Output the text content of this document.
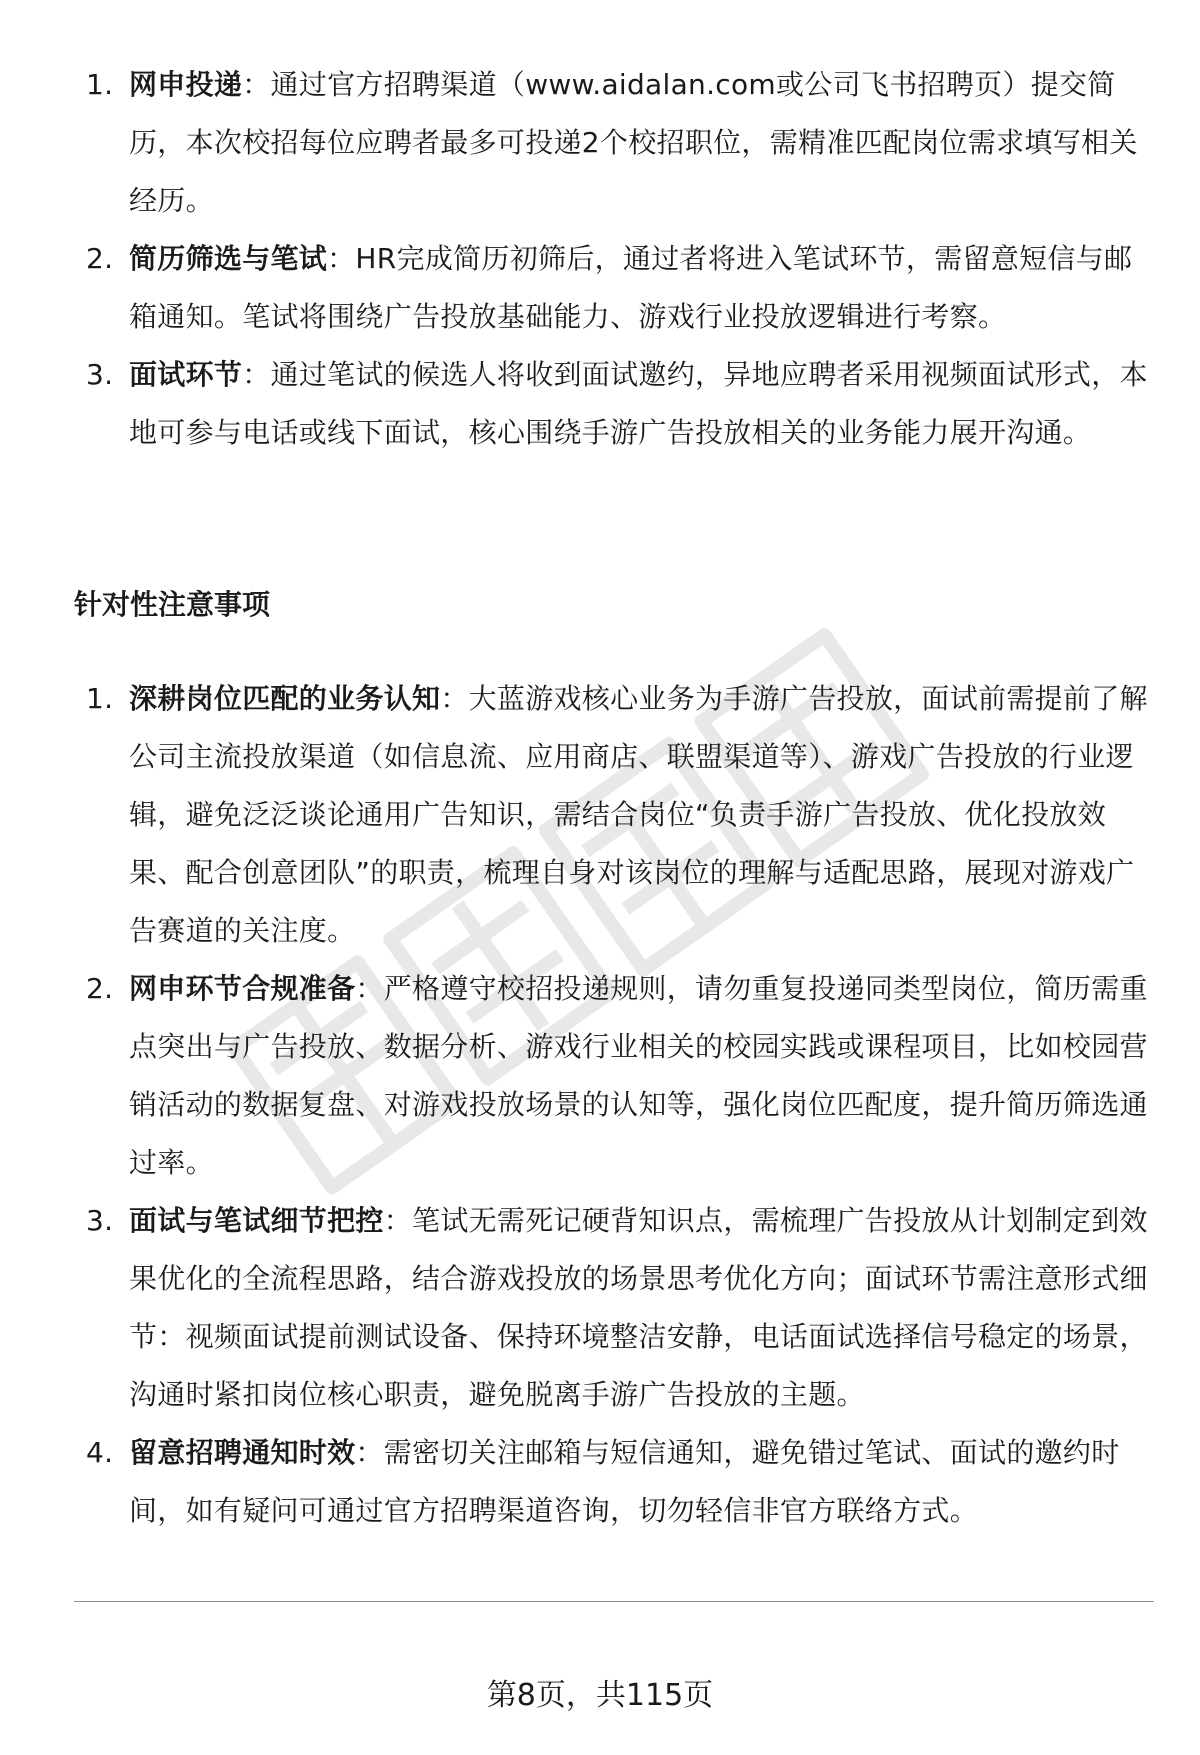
1. 网申投递：通过官方招聘渠道（www.aidalan.com或公司飞书招聘页）提交简历，本次校招每位应聘者最多可投递2个校招职位，需精准匹配岗位需求填写相关经历。
2. 简历筛选与笔试：HR完成简历初筛后，通过者将进入笔试环节，需留意短信与邮箱通知。笔试将围绕广告投放基础能力、游戏行业投放逻辑进行考察。
3. 面试环节：通过笔试的候选人将收到面试邀约，异地应聘者采用视频面试形式，本地可参与电话或线下面试，核心围绕手游广告投放相关的业务能力展开沟通。
针对性注意事项
1. 深耕岗位匹配的业务认知：大蓝游戏核心业务为手游广告投放，面试前需提前了解公司主流投放渠道（如信息流、应用商店、联盟渠道等）、游戏广告投放的行业逻辑，避免泛泛谈论通用广告知识，需结合岗位“负责手游广告投放、优化投放效果、配合创意团队”的职责，梳理自身对该岗位的理解与适配思路，展现对游戏广告赛道的关注度。
2. 网申环节合规准备：严格遵守校招投递规则，请勿重复投递同类型岗位，简历需重点突出与广告投放、数据分析、游戏行业相关的校园实践或课程项目，比如校园营销活动的数据复盘、对游戏投放场景的认知等，强化岗位匹配度，提升简历筛选通过率。
3. 面试与笔试细节把控：笔试无需死记硬背知识点，需梳理广告投放从计划制定到效果优化的全流程思路，结合游戏投放的场景思考优化方向；面试环节需注意形式细节：视频面试提前测试设备、保持环境整洁安静，电话面试选择信号稳定的场景，沟通时紧扣岗位核心职责，避免脱离手游广告投放的主题。
4. 留意招聘通知时效：需密切关注邮箱与短信通知，避免错过笔试、面试的邀约时间，如有疑问可通过官方招聘渠道咨询，切勿轻信非官方联络方式。
第8页，共115页
